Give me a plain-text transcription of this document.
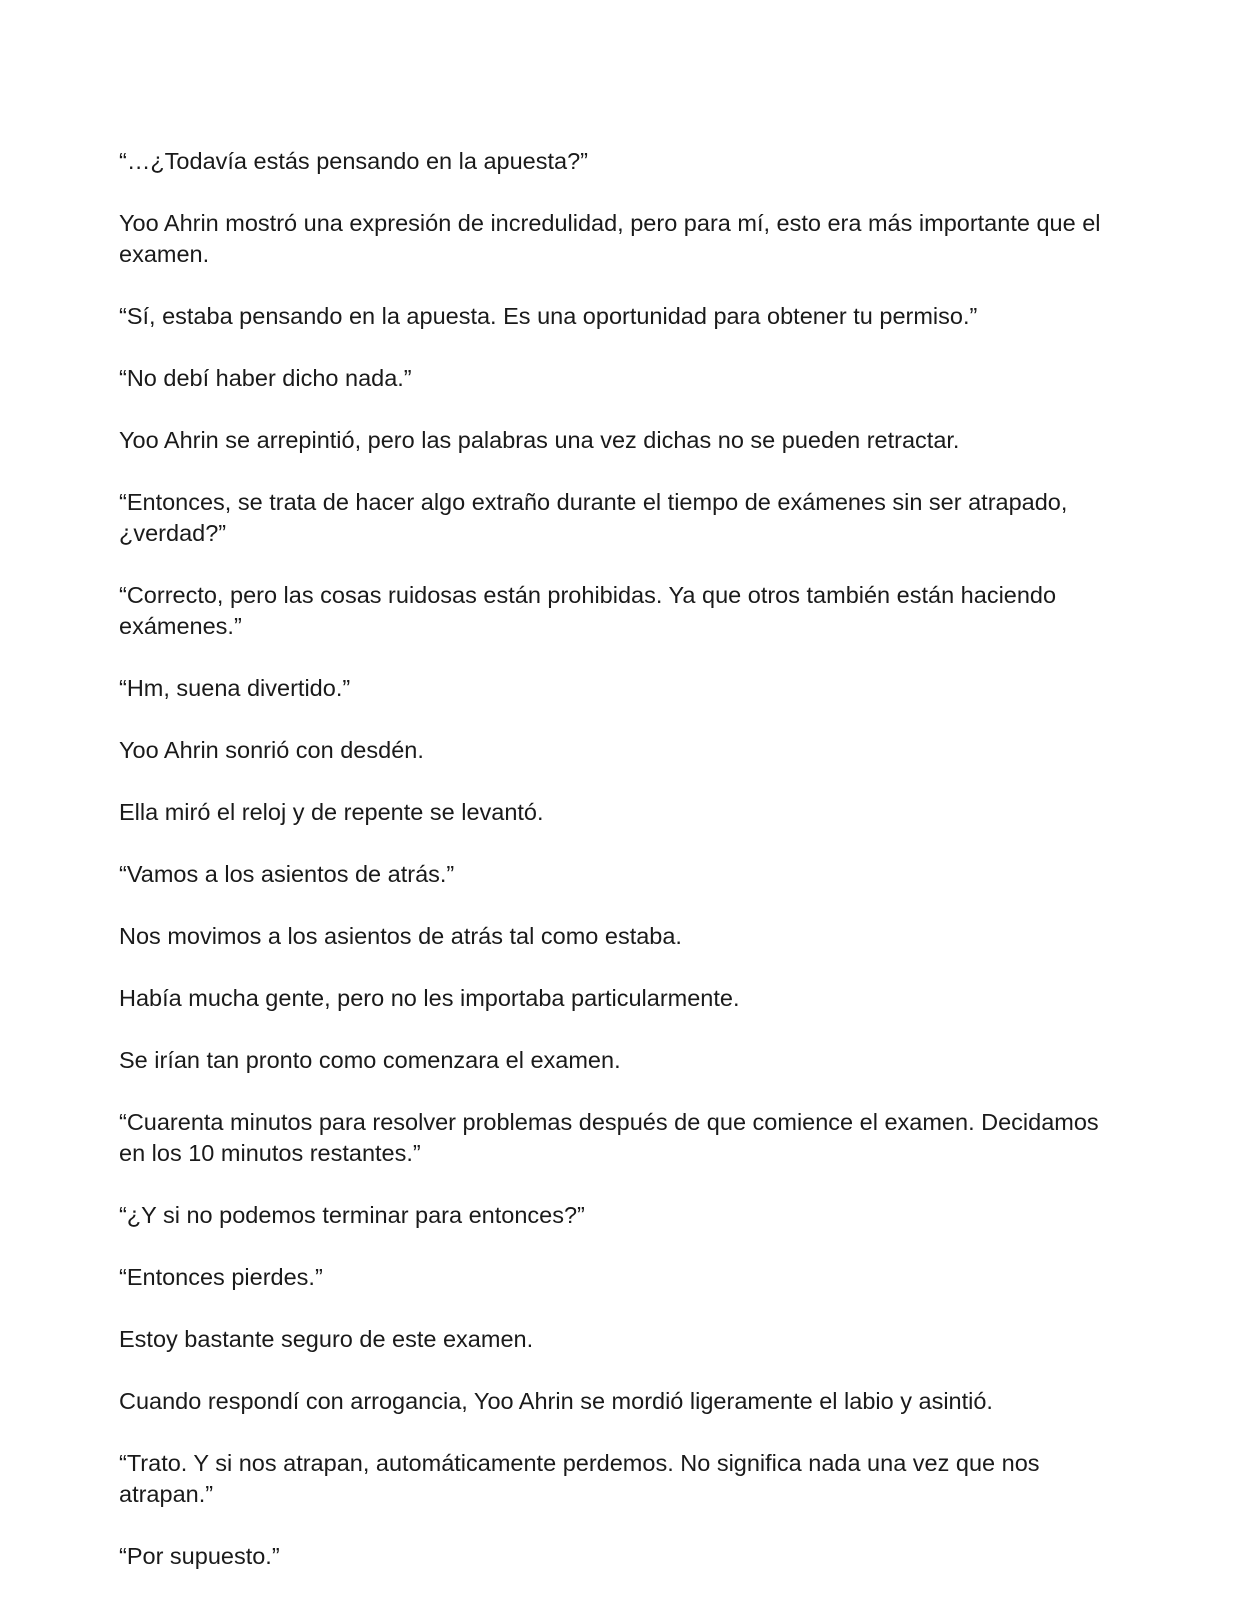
“…¿Todavía estás pensando en la apuesta?”

Yoo Ahrin mostró una expresión de incredulidad, pero para mí, esto era más importante que el examen.

“Sí, estaba pensando en la apuesta. Es una oportunidad para obtener tu permiso.”

“No debí haber dicho nada.”

Yoo Ahrin se arrepintió, pero las palabras una vez dichas no se pueden retractar.

“Entonces, se trata de hacer algo extraño durante el tiempo de exámenes sin ser atrapado, ¿verdad?”

“Correcto, pero las cosas ruidosas están prohibidas. Ya que otros también están haciendo exámenes.”

“Hm, suena divertido.”

Yoo Ahrin sonrió con desdén.

Ella miró el reloj y de repente se levantó.

“Vamos a los asientos de atrás.”

Nos movimos a los asientos de atrás tal como estaba.

Había mucha gente, pero no les importaba particularmente.

Se irían tan pronto como comenzara el examen.

“Cuarenta minutos para resolver problemas después de que comience el examen. Decidamos en los 10 minutos restantes.”

“¿Y si no podemos terminar para entonces?”

“Entonces pierdes.”

Estoy bastante seguro de este examen.

Cuando respondí con arrogancia, Yoo Ahrin se mordió ligeramente el labio y asintió.

“Trato. Y si nos atrapan, automáticamente perdemos. No significa nada una vez que nos atrapan.”

“Por supuesto.”
